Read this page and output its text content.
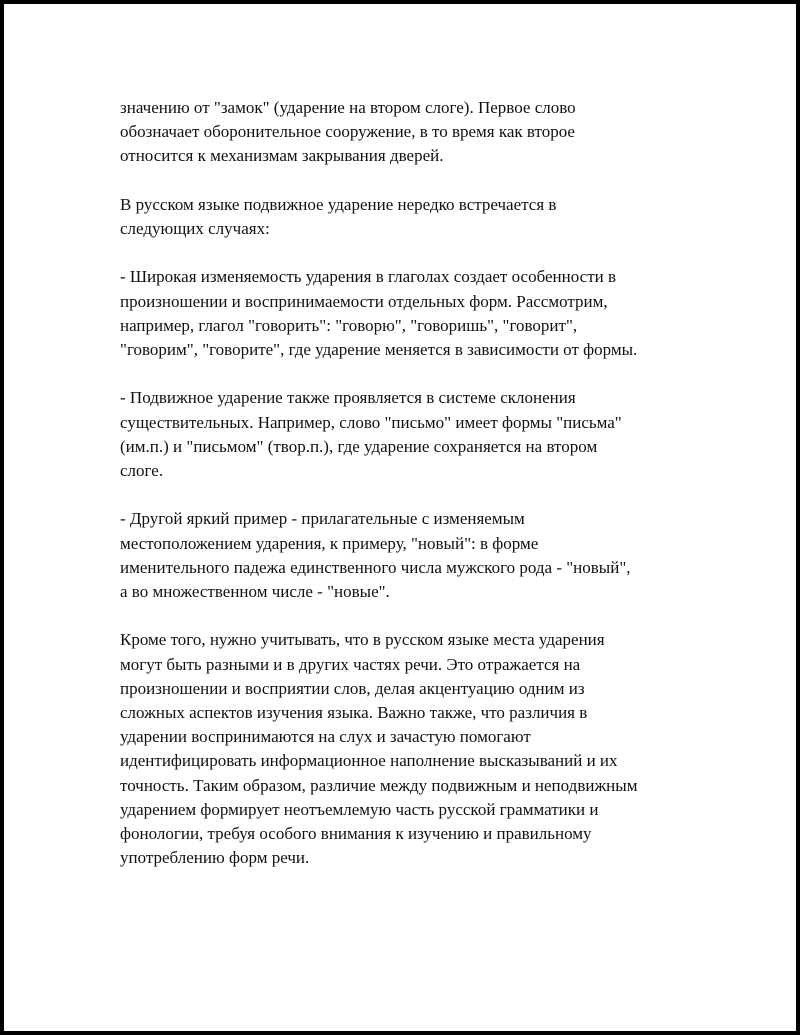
значению от "замок" (ударение на втором слоге). Первое слово
обозначает оборонительное сооружение, в то время как второе
относится к механизмам закрывания дверей.

В русском языке подвижное ударение нередко встречается в
следующих случаях:

- Широкая изменяемость ударения в глаголах создает особенности в
произношении и воспринимаемости отдельных форм. Рассмотрим,
например, глагол "говорить": "говорю", "говоришь", "говорит",
"говорим", "говорите", где ударение меняется в зависимости от формы.

- Подвижное ударение также проявляется в системе склонения
существительных. Например, слово "письмо" имеет формы "письма"
(им.п.) и "письмом" (твор.п.), где ударение сохраняется на втором
слоге.

- Другой яркий пример - прилагательные с изменяемым
местоположением ударения, к примеру, "новый": в форме
именительного падежа единственного числа мужского рода - "новый",
а во множественном числе - "новые".

Кроме того, нужно учитывать, что в русском языке места ударения
могут быть разными и в других частях речи. Это отражается на
произношении и восприятии слов, делая акцентуацию одним из
сложных аспектов изучения языка. Важно также, что различия в
ударении воспринимаются на слух и зачастую помогают
идентифицировать информационное наполнение высказываний и их
точность. Таким образом, различие между подвижным и неподвижным
ударением формирует неотъемлемую часть русской грамматики и
фонологии, требуя особого внимания к изучению и правильному
употреблению форм речи.
